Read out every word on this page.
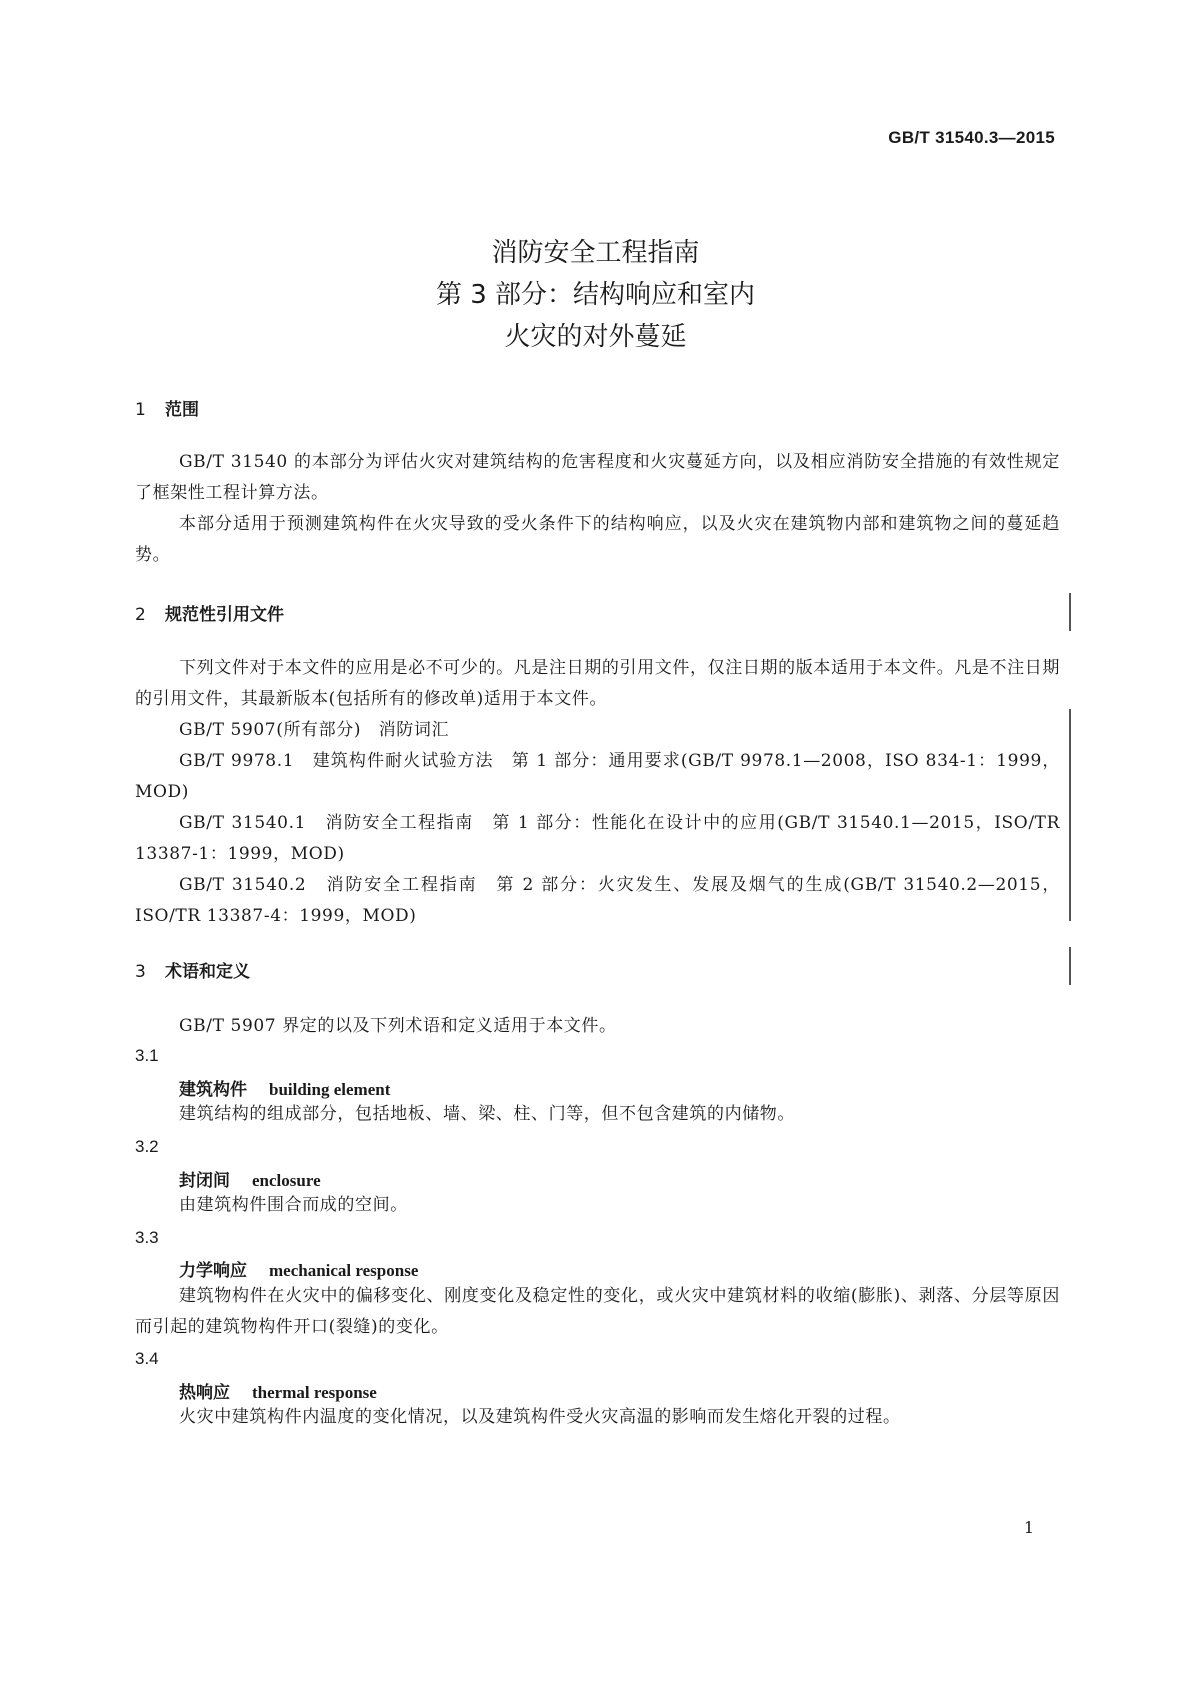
GB/T 31540.3—2015
消防安全工程指南
第 3 部分：结构响应和室内
火灾的对外蔓延
1 范围
GB/T 31540 的本部分为评估火灾对建筑结构的危害程度和火灾蔓延方向，以及相应消防安全措施的有效性规定了框架性工程计算方法。
本部分适用于预测建筑构件在火灾导致的受火条件下的结构响应，以及火灾在建筑物内部和建筑物之间的蔓延趋势。
2 规范性引用文件
下列文件对于本文件的应用是必不可少的。凡是注日期的引用文件，仅注日期的版本适用于本文件。凡是不注日期的引用文件，其最新版本(包括所有的修改单)适用于本文件。
GB/T 5907(所有部分)　消防词汇
GB/T 9978.1　建筑构件耐火试验方法　第 1 部分：通用要求(GB/T 9978.1—2008，ISO 834-1：1999，MOD)
GB/T 31540.1　消防安全工程指南　第 1 部分：性能化在设计中的应用(GB/T 31540.1—2015，ISO/TR 13387-1：1999，MOD)
GB/T 31540.2　消防安全工程指南　第 2 部分：火灾发生、发展及烟气的生成(GB/T 31540.2—2015，ISO/TR 13387-4：1999，MOD)
3 术语和定义
GB/T 5907 界定的以及下列术语和定义适用于本文件。
3.1
建筑构件 building element
建筑结构的组成部分，包括地板、墙、梁、柱、门等，但不包含建筑的内储物。
3.2
封闭间 enclosure
由建筑构件围合而成的空间。
3.3
力学响应 mechanical response
建筑物构件在火灾中的偏移变化、刚度变化及稳定性的变化，或火灾中建筑材料的收缩(膨胀)、剥落、分层等原因而引起的建筑物构件开口(裂缝)的变化。
3.4
热响应 thermal response
火灾中建筑构件内温度的变化情况，以及建筑构件受火灾高温的影响而发生熔化开裂的过程。
1
